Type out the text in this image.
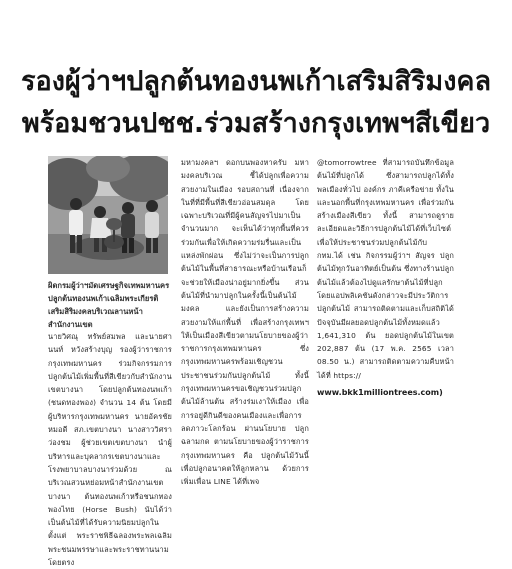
รองผู้ว่าฯปลูกต้นทองนพเก้าเสริมสิริมงคล
พร้อมชวนปชช.ร่วมสร้างกรุงเทพฯสีเขียว

ผิดกรมผู้ว่าฯมัดเศรษฐกิจเทพมหานคร ปลูกต้นทองนพเก้าเฉลิมพระเกียรติเสริมสิริมงคลบริเวณลานหน้าสำนักงานเขต

นายวิศณุ ทรัพย์สมพล และนายศานนท์ หวังสร้างบุญ รองผู้ว่าราชการกรุงเทพมหานคร ร่วมกิจกรรมการปลูกต้นไม้เพิ่มพื้นที่สีเขียวกับสำนักงานเขตบางนา โดยปลูกต้นทองนพเก้า (ชนดทองพอง) จำนวน 14 ต้น โดยมีผู้บริหารกรุงเทพมหานคร นายอัครชัย หมอดี สภ.เขตบางนา นางสาววิศรา ว่องชม ผู้ช่วยเขตเขตบางนา นำผู้บริหารและบุคลากรเขตบางนาและโรงพยาบาลบางนาร่วมด้วย ณ บริเวณสวนหย่อมหน้าสำนักงานเขตบางนา ต้นทองนพเก้าหรือชนกทองพองไทย (Horse Bush) นับได้ว่าเป็นต้นไม้ที่ได้รับความนิยมปลูกในตั้งแต่ พระราชพิธีฉลองพระพลเฉลิมพระชนมพรรษาและพระราชทานนามโดยตรง

มหามงคลฯ ดอกบนพองหาครับ มหามงคลบริเวณ ชี้ได้ปลูกเพื่อความสวยงามในเมือง รอบสถานที่ เนื่องจากในที่ที่มีพื้นที่สีเขียวอ่อนสมดุล โดยเฉพาะบริเวณที่มีผู้คนสัญจรไปมาเป็นจำนวนมาก จะเห็นได้ว่าทุกพื้นที่ควรร่วมกันเพื่อให้เกิดความร่มรื่นและเป็นแหล่งพักผ่อน ซึ่งไม่ว่าจะเป็นการปลูกต้นไม้ในพื้นที่สาธารณะหรือบ้านเรือนก็จะช่วยให้เมืองน่าอยู่มากยิ่งขึ้น ส่วนต้นไม้ที่นำมาปลูกในครั้งนี้เป็นต้นไม้มงคล และยังเป็นการสร้างความสวยงามให้แก่พื้นที่ เพื่อสร้างกรุงเทพฯ ให้เป็นเมืองสีเขียวตามนโยบายของผู้ว่าราชการกรุงเทพมหานคร ซึ่งกรุงเทพมหานครพร้อมเชิญชวนประชาชนร่วมกันปลูกต้นไม้ ทั้งนี้ กรุงเทพมหานครขอเชิญชวนร่วมปลูกต้นไม้ล้านต้น สร้างร่มเงาให้เมือง เพื่อการอยู่ดีกินดีของคนเมืองและเพื่อการลดภาวะโลกร้อน ผ่านนโยบาย ปลูกฉลามกด ตามนโยบายของผู้ว่าราชการกรุงเทพมหานคร คือ ปลูกต้นไม้วันนี้เพื่อปลูกอนาคตให้ลูกหลาน ด้วยการเพิ่มเพื่อน LINE ได้ที่เพจ

@tomorrowtree ที่สามารถบันทึกข้อมูลต้นไม้ที่ปลูกได้ ซึ่งสามารถปลูกได้ทั้งพลเมืองทั่วไป องค์กร ภาคีเครือข่าย ทั้งในและนอกพื้นที่กรุงเทพมหานคร เพื่อร่วมกันสร้างเมืองสีเขียว ทั้งนี้ สามารถดูรายละเอียดและวิธีการปลูกต้นไม้ได้ที่เว็บไซต์ เพื่อให้ประชาชนร่วมปลูกต้นไม้กับ กทม.ได้ เช่น กิจกรรมผู้ว่าฯ สัญจร ปลูกต้นไม้ทุกวันอาทิตย์เป็นต้น ซึ่งทางร้านปลูกต้นไม้แล้วต้องไปดูแลรักษาต้นไม้ที่ปลูก โดยแอปพลิเคชันดังกล่าวจะมีประวัติการปลูกต้นไม้ สามารถติดตามและเก็บสถิติได้ ปัจจุบันมีผลยอดปลูกต้นไม้ทั้งหมดแล้ว 1,641,310 ต้น ยอดปลูกต้นไม้ในเขต 202,887 ต้น (17 พ.ค. 2565 เวลา 08.50 น.) สามารถติดตามความคืบหน้าได้ที่ https://

www.bkk1milliontrees.com)
